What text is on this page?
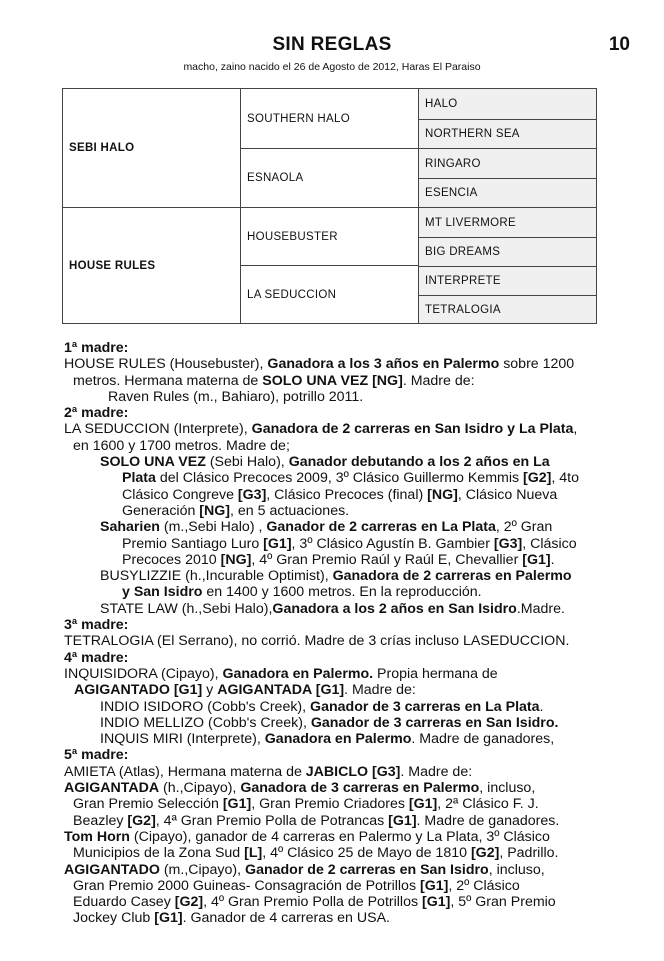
SIN REGLAS	10
macho, zaino nacido el 26 de Agosto de 2012, Haras El Paraiso
SEBI HALO
HOUSE RULES
SOUTHERN HALO
ESNAOLA
HOUSEBUSTER
LA SEDUCCION
HALO
NORTHERN SEA
RINGARO
ESENCIA
MT LIVERMORE
BIG DREAMS
INTERPRETE
TETRALOGIA
1ª madre:
HOUSE RULES (Housebuster), Ganadora a los 3 años en Palermo sobre 1200
metros. Hermana materna de SOLO UNA VEZ [NG]. Madre de:
Raven Rules (m., Bahiaro), potrillo 2011.
2ª madre:
LA SEDUCCION (Interprete), Ganadora de 2 carreras en San Isidro y La Plata,
en 1600 y 1700 metros. Madre de;
SOLO UNA VEZ (Sebi Halo), Ganador debutando a los 2 años en La
Plata del Clásico Precoces 2009, 3º Clásico Guillermo Kemmis [G2], 4to
Clásico Congreve [G3], Clásico Precoces (final) [NG], Clásico Nueva
Generación [NG], en 5 actuaciones.
Saharien (m.,Sebi Halo) , Ganador de 2 carreras en La Plata, 2º Gran
Premio Santiago Luro [G1], 3º Clásico Agustín B. Gambier [G3], Clásico
Precoces 2010 [NG], 4º Gran Premio Raúl y Raúl E, Chevallier [G1].
BUSYLIZZIE (h.,Incurable Optimist), Ganadora de 2 carreras en Palermo
y San Isidro en 1400 y 1600 metros. En la reproducción.
STATE LAW (h.,Sebi Halo),Ganadora a los 2 años en San Isidro.Madre.
3ª madre:
TETRALOGIA (El Serrano), no corrió. Madre de 3 crías incluso LASEDUCCION.
4ª madre:
INQUISIDORA (Cipayo), Ganadora en Palermo. Propia hermana de
AGIGANTADO [G1] y AGIGANTADA [G1]. Madre de:
INDIO ISIDORO (Cobb's Creek), Ganador de 3 carreras en La Plata.
INDIO MELLIZO (Cobb's Creek), Ganador de 3 carreras en San Isidro.
INQUIS MIRI (Interprete), Ganadora en Palermo. Madre de ganadores,
5ª madre:
AMIETA (Atlas), Hermana materna de JABICLO [G3]. Madre de:
AGIGANTADA (h.,Cipayo), Ganadora de 3 carreras en Palermo, incluso,
Gran Premio Selección [G1], Gran Premio Criadores [G1], 2ª Clásico F. J.
Beazley [G2], 4ª Gran Premio Polla de Potrancas [G1]. Madre de ganadores.
Tom Horn (Cipayo), ganador de 4 carreras en Palermo y La Plata, 3º Clásico
Municipios de la Zona Sud [L], 4º Clásico 25 de Mayo de 1810 [G2], Padrillo.
AGIGANTADO (m.,Cipayo), Ganador de 2 carreras en San Isidro, incluso,
Gran Premio 2000 Guineas- Consagración de Potrillos [G1], 2º Clásico
Eduardo Casey [G2], 4º Gran Premio Polla de Potrillos [G1], 5º Gran Premio
Jockey Club [G1]. Ganador de 4 carreras en USA.
